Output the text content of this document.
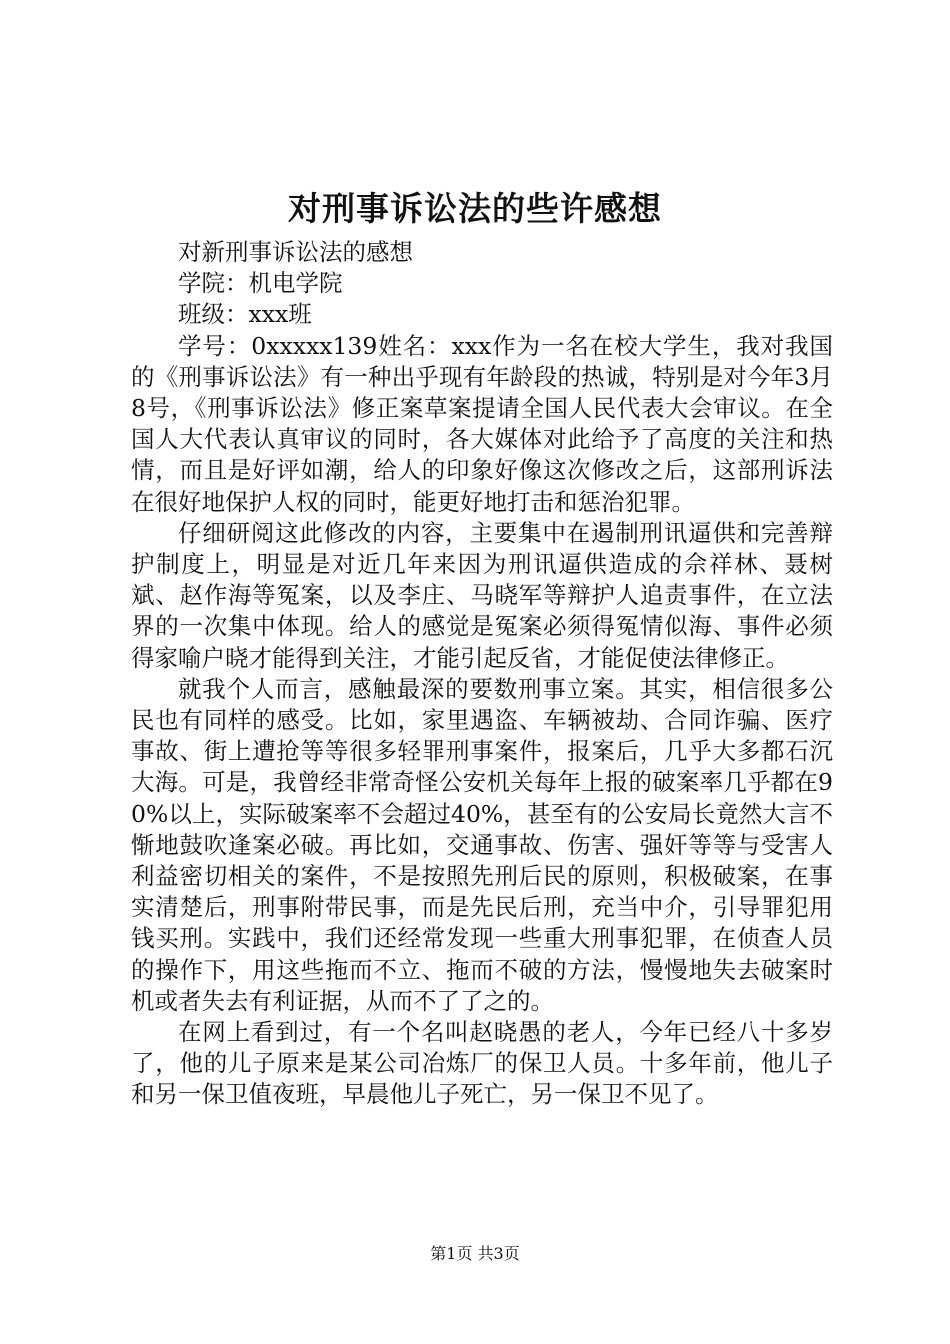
对刑事诉讼法的些许感想

对新刑事诉讼法的感想

学院：机电学院

班级：xxx班

学号：0xxxxx139姓名：xxx作为一名在校大学生，我对我国的《刑事诉讼法》有一种出乎现有年龄段的热诚，特别是对今年3月8号，《刑事诉讼法》修正案草案提请全国人民代表大会审议。在全国人大代表认真审议的同时，各大媒体对此给予了高度的关注和热情，而且是好评如潮，给人的印象好像这次修改之后，这部刑诉法在很好地保护人权的同时，能更好地打击和惩治犯罪。

仔细研阅这此修改的内容，主要集中在遏制刑讯逼供和完善辩护制度上，明显是对近几年来因为刑讯逼供造成的佘祥林、聂树斌、赵作海等冤案，以及李庄、马晓军等辩护人追责事件，在立法界的一次集中体现。给人的感觉是冤案必须得冤情似海、事件必须得家喻户晓才能得到关注，才能引起反省，才能促使法律修正。

就我个人而言，感触最深的要数刑事立案。其实，相信很多公民也有同样的感受。比如，家里遇盗、车辆被劫、合同诈骗、医疗事故、街上遭抢等等很多轻罪刑事案件，报案后，几乎大多都石沉大海。可是，我曾经非常奇怪公安机关每年上报的破案率几乎都在90%以上，实际破案率不会超过40%，甚至有的公安局长竟然大言不惭地鼓吹逢案必破。再比如，交通事故、伤害、强奸等等与受害人利益密切相关的案件，不是按照先刑后民的原则，积极破案，在事实清楚后，刑事附带民事，而是先民后刑，充当中介，引导罪犯用钱买刑。实践中，我们还经常发现一些重大刑事犯罪，在侦查人员的操作下，用这些拖而不立、拖而不破的方法，慢慢地失去破案时机或者失去有利证据，从而不了了之的。

在网上看到过，有一个名叫赵晓愚的老人，今年已经八十多岁了，他的儿子原来是某公司冶炼厂的保卫人员。十多年前，他儿子和另一保卫值夜班，早晨他儿子死亡，另一保卫不见了。

第1页 共3页
